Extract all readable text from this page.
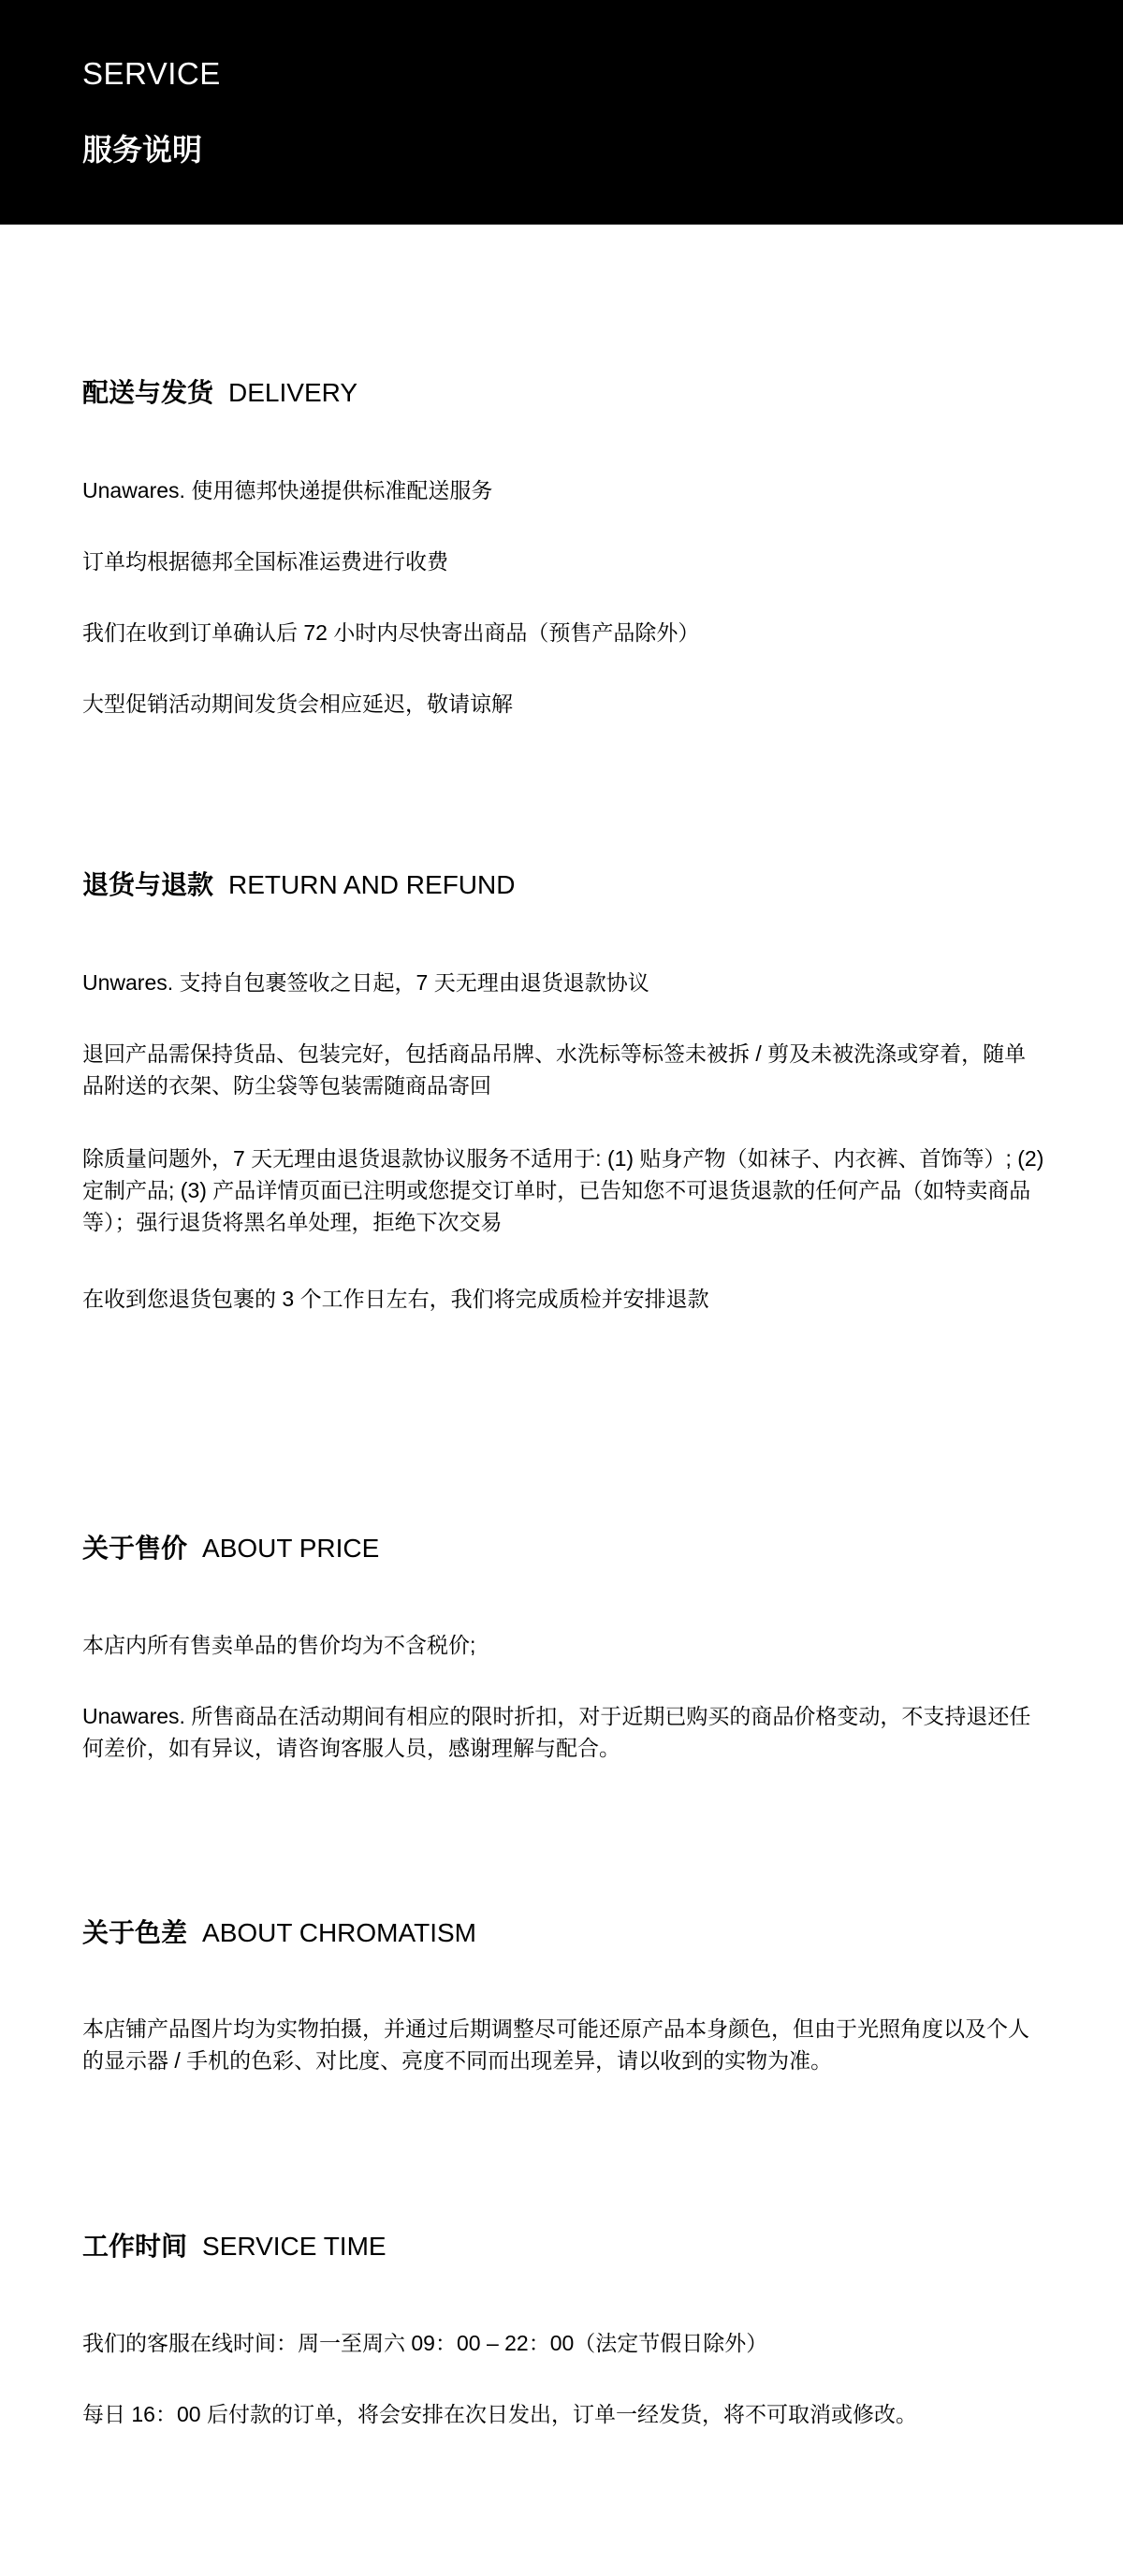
SERVICE
服务说明
配送与发货 DELIVERY
Unawares. 使用德邦快递提供标准配送服务
订单均根据德邦全国标准运费进行收费
我们在收到订单确认后 72 小时内尽快寄出商品（预售产品除外）
大型促销活动期间发货会相应延迟，敬请谅解
退货与退款 RETURN AND REFUND
Unwares. 支持自包裹签收之日起，7 天无理由退货退款协议
退回产品需保持货品、包装完好，包括商品吊牌、水洗标等标签未被拆 / 剪及未被洗涤或穿着，随单品附送的衣架、防尘袋等包装需随商品寄回
除质量问题外，7 天无理由退货退款协议服务不适用于: (1) 贴身产物（如袜子、内衣裤、首饰等）; (2) 定制产品; (3) 产品详情页面已注明或您提交订单时，已告知您不可退货退款的任何产品（如特卖商品等）；强行退货将黑名单处理，拒绝下次交易
在收到您退货包裹的 3 个工作日左右，我们将完成质检并安排退款
关于售价 ABOUT PRICE
本店内所有售卖单品的售价均为不含税价;
Unawares. 所售商品在活动期间有相应的限时折扣，对于近期已购买的商品价格变动，不支持退还任何差价，如有异议，请咨询客服人员，感谢理解与配合。
关于色差 ABOUT CHROMATISM
本店铺产品图片均为实物拍摄，并通过后期调整尽可能还原产品本身颜色，但由于光照角度以及个人的显示器 / 手机的色彩、对比度、亮度不同而出现差异，请以收到的实物为准。
工作时间 SERVICE TIME
我们的客服在线时间：周一至周六 09：00 – 22：00（法定节假日除外）
每日 16：00 后付款的订单，将会安排在次日发出，订单一经发货，将不可取消或修改。
